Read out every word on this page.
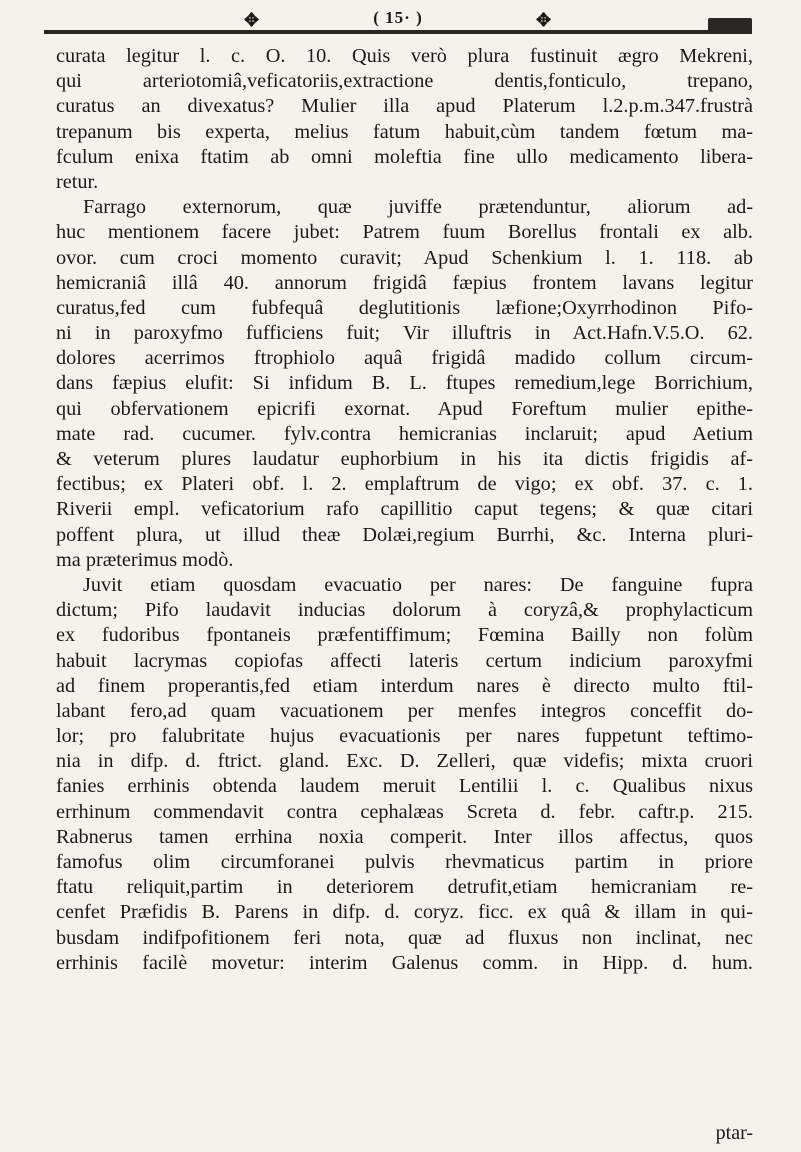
✥	( 15· )	✥
curata legitur l. c. O. 10. Quis verò plura fustinuit ægro Mekreni,
qui arteriotomiâ,veficatoriis,extractione dentis,fonticulo, trepano,
curatus an divexatus? Mulier illa apud Platerum l.2.p.m.347.frustrà
trepanum bis experta, melius fatum habuit,cùm tandem fœtum ma-
fculum enixa ftatim ab omni moleftia fine ullo medicamento libera-
retur.
Farrago externorum, quæ juviffe prætenduntur, aliorum ad-
huc mentionem facere jubet: Patrem fuum Borellus frontali ex alb.
ovor. cum croci momento curavit; Apud Schenkium l. 1. 118. ab
hemicraniâ illâ 40. annorum frigidâ fæpius frontem lavans legitur
curatus,fed cum fubfequâ deglutitionis læfione;Oxyrrhodinon Pifo-
ni in paroxyfmo fufficiens fuit; Vir illuftris in Act.Hafn.V.5.O. 62.
dolores acerrimos ftrophiolo aquâ frigidâ madido collum circum-
dans fæpius elufit: Si infidum B. L. ftupes remedium,lege Borrichium,
qui obfervationem epicrifi exornat. Apud Foreftum mulier epithe-
mate rad. cucumer. fylv.contra hemicranias inclaruit; apud Aetium
& veterum plures laudatur euphorbium in his ita dictis frigidis af-
fectibus; ex Plateri obf. l. 2. emplaftrum de vigo; ex obf. 37. c. 1.
Riverii empl. veficatorium rafo capillitio caput tegens; & quæ citari
poffent plura, ut illud theæ Dolæi,regium Burrhi, &c. Interna pluri-
ma præterimus modò.
Juvit etiam quosdam evacuatio per nares: De fanguine fupra
dictum; Pifo laudavit inducias dolorum à coryzâ,& prophylacticum
ex fudoribus fpontaneis præfentiffimum; Fœmina Bailly non folùm
habuit lacrymas copiofas affecti lateris certum indicium paroxyfmi
ad finem properantis,fed etiam interdum nares è directo multo ftil-
labant fero,ad quam vacuationem per menfes integros conceffit do-
lor; pro falubritate hujus evacuationis per nares fuppetunt teftimo-
nia in difp. d. ftrict. gland. Exc. D. Zelleri, quæ videfis; mixta cruori
fanies errhinis obtenda laudem meruit Lentilii l. c. Qualibus nixus
errhinum commendavit contra cephalæas Screta d. febr. caftr.p. 215.
Rabnerus tamen errhina noxia comperit. Inter illos affectus, quos
famofus olim circumforanei pulvis rhevmaticus partim in priore
ftatu reliquit,partim in deteriorem detrufit,etiam hemicraniam re-
cenfet Præfidis B. Parens in difp. d. coryz. ficc. ex quâ & illam in qui-
busdam indifpofitionem feri nota, quæ ad fluxus non inclinat, nec
errhinis facilè movetur: interim Galenus comm. in Hipp. d. hum.
ptar-
